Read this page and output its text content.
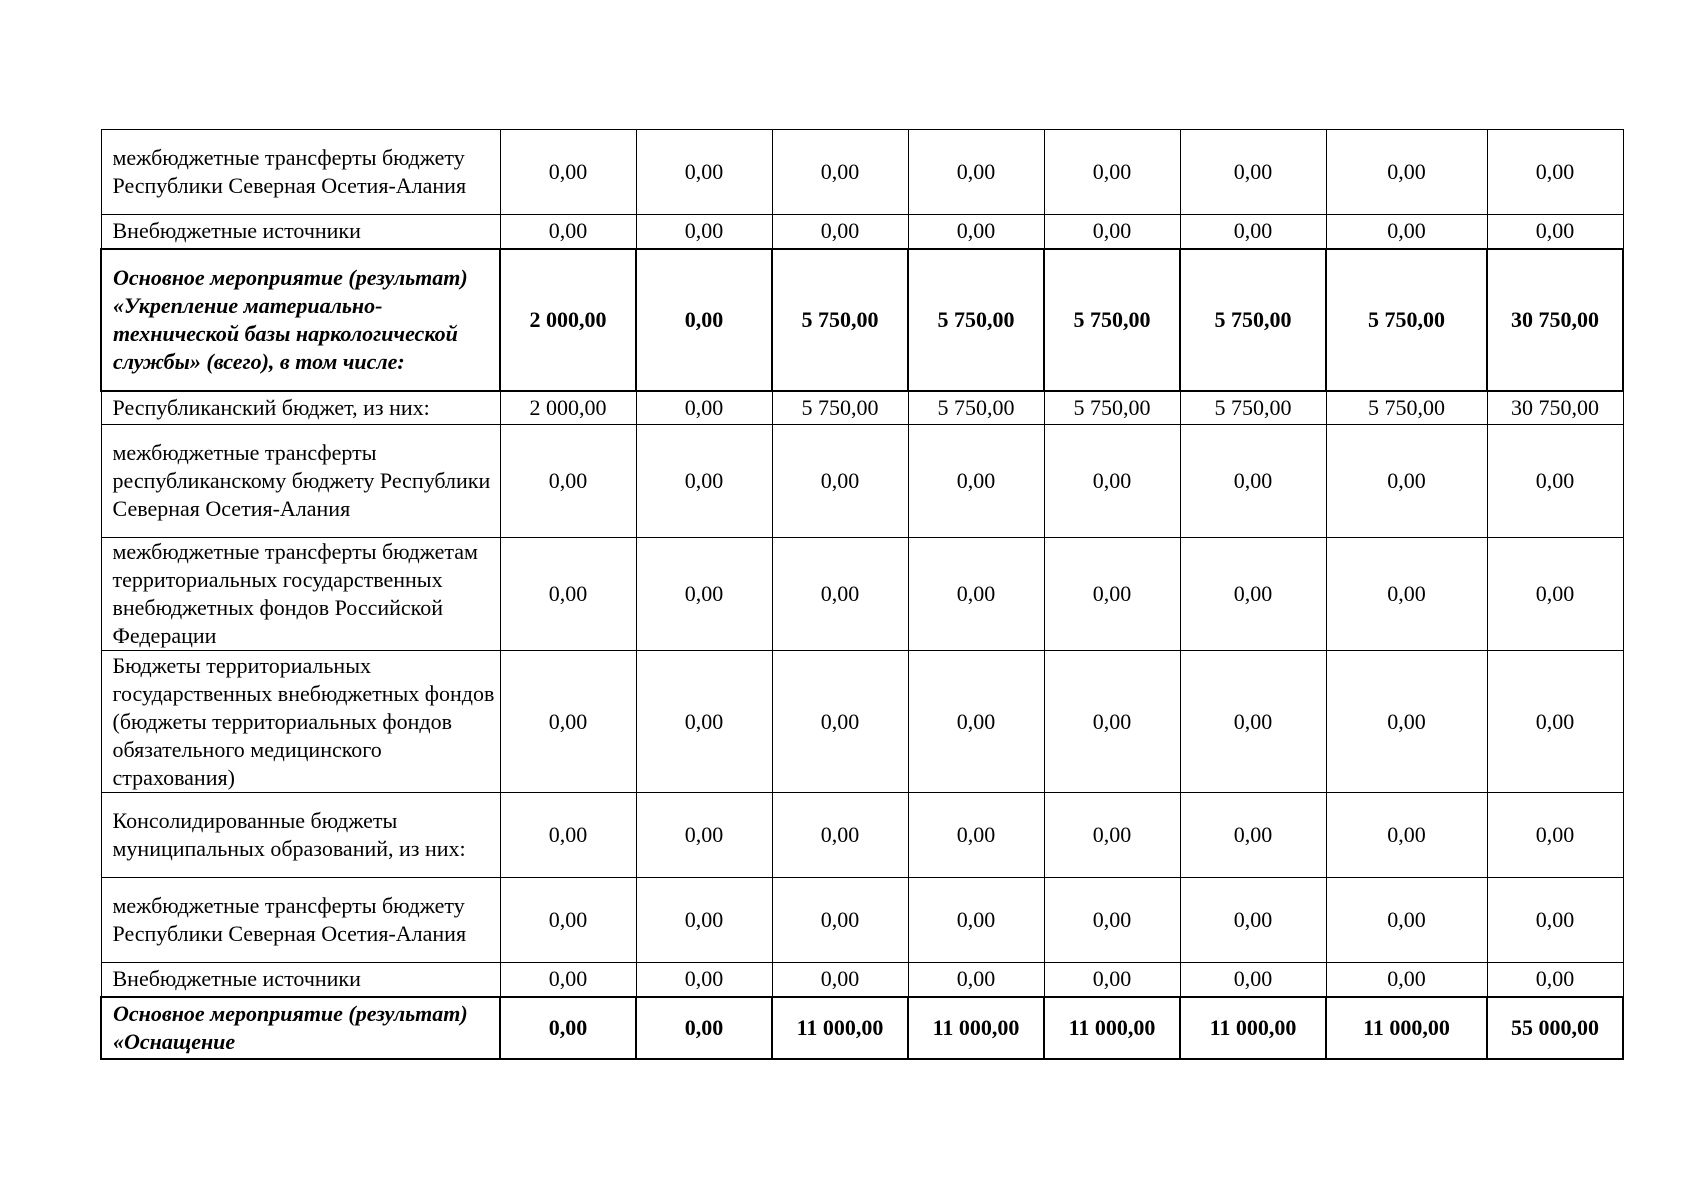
межбюджетные трансферты бюджету Республики Северная Осетия-Алания	0,00	0,00	0,00	0,00	0,00	0,00	0,00	0,00
Внебюджетные источники	0,00	0,00	0,00	0,00	0,00	0,00	0,00	0,00
Основное мероприятие (результат) «Укрепление материально-технической базы наркологической службы» (всего), в том числе:	2 000,00	0,00	5 750,00	5 750,00	5 750,00	5 750,00	5 750,00	30 750,00
Республиканский бюджет, из них:	2 000,00	0,00	5 750,00	5 750,00	5 750,00	5 750,00	5 750,00	30 750,00
межбюджетные трансферты республиканскому бюджету Республики Северная Осетия-Алания	0,00	0,00	0,00	0,00	0,00	0,00	0,00	0,00
межбюджетные трансферты бюджетам территориальных государственных внебюджетных фондов Российской Федерации	0,00	0,00	0,00	0,00	0,00	0,00	0,00	0,00
Бюджеты территориальных государственных внебюджетных фондов (бюджеты территориальных фондов обязательного медицинского страхования)	0,00	0,00	0,00	0,00	0,00	0,00	0,00	0,00
Консолидированные бюджеты муниципальных образований, из них:	0,00	0,00	0,00	0,00	0,00	0,00	0,00	0,00
межбюджетные трансферты бюджету Республики Северная Осетия-Алания	0,00	0,00	0,00	0,00	0,00	0,00	0,00	0,00
Внебюджетные источники	0,00	0,00	0,00	0,00	0,00	0,00	0,00	0,00
Основное мероприятие (результат) «Оснащение	0,00	0,00	11 000,00	11 000,00	11 000,00	11 000,00	11 000,00	55 000,00
